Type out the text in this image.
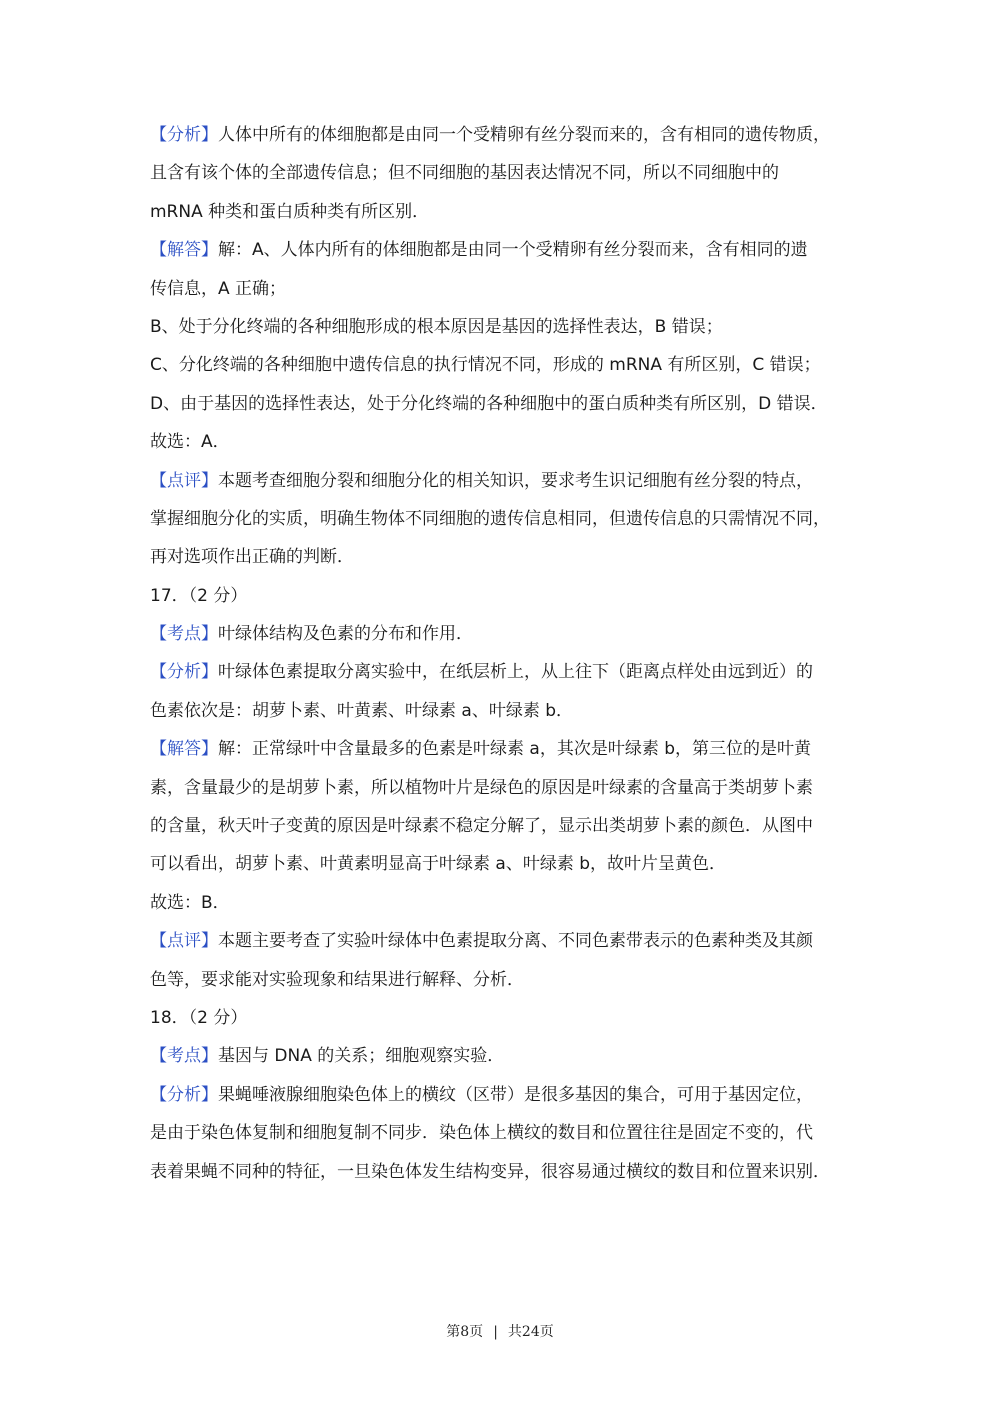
【分析】人体中所有的体细胞都是由同一个受精卵有丝分裂而来的，含有相同的遗传物质，
且含有该个体的全部遗传信息；但不同细胞的基因表达情况不同，所以不同细胞中的
mRNA 种类和蛋白质种类有所区别．
【解答】解：A、人体内所有的体细胞都是由同一个受精卵有丝分裂而来，含有相同的遗
传信息，A 正确；
B、处于分化终端的各种细胞形成的根本原因是基因的选择性表达，B 错误；
C、分化终端的各种细胞中遗传信息的执行情况不同，形成的 mRNA 有所区别，C 错误；
D、由于基因的选择性表达，处于分化终端的各种细胞中的蛋白质种类有所区别，D 错误．
故选：A．
【点评】本题考查细胞分裂和细胞分化的相关知识，要求考生识记细胞有丝分裂的特点，
掌握细胞分化的实质，明确生物体不同细胞的遗传信息相同，但遗传信息的只需情况不同，
再对选项作出正确的判断．
17．（2 分）
【考点】叶绿体结构及色素的分布和作用．
【分析】叶绿体色素提取分离实验中，在纸层析上，从上往下（距离点样处由远到近）的
色素依次是：胡萝卜素、叶黄素、叶绿素 a、叶绿素 b．
【解答】解：正常绿叶中含量最多的色素是叶绿素 a，其次是叶绿素 b，第三位的是叶黄
素，含量最少的是胡萝卜素，所以植物叶片是绿色的原因是叶绿素的含量高于类胡萝卜素
的含量，秋天叶子变黄的原因是叶绿素不稳定分解了，显示出类胡萝卜素的颜色．从图中
可以看出，胡萝卜素、叶黄素明显高于叶绿素 a、叶绿素 b，故叶片呈黄色．
故选：B．
【点评】本题主要考查了实验叶绿体中色素提取分离、不同色素带表示的色素种类及其颜
色等，要求能对实验现象和结果进行解释、分析．
18．（2 分）
【考点】基因与 DNA 的关系；细胞观察实验．
【分析】果蝇唾液腺细胞染色体上的横纹（区带）是很多基因的集合，可用于基因定位，
是由于染色体复制和细胞复制不同步．染色体上横纹的数目和位置往往是固定不变的，代
表着果蝇不同种的特征，一旦染色体发生结构变异，很容易通过横纹的数目和位置来识别．
第8页 | 共24页
